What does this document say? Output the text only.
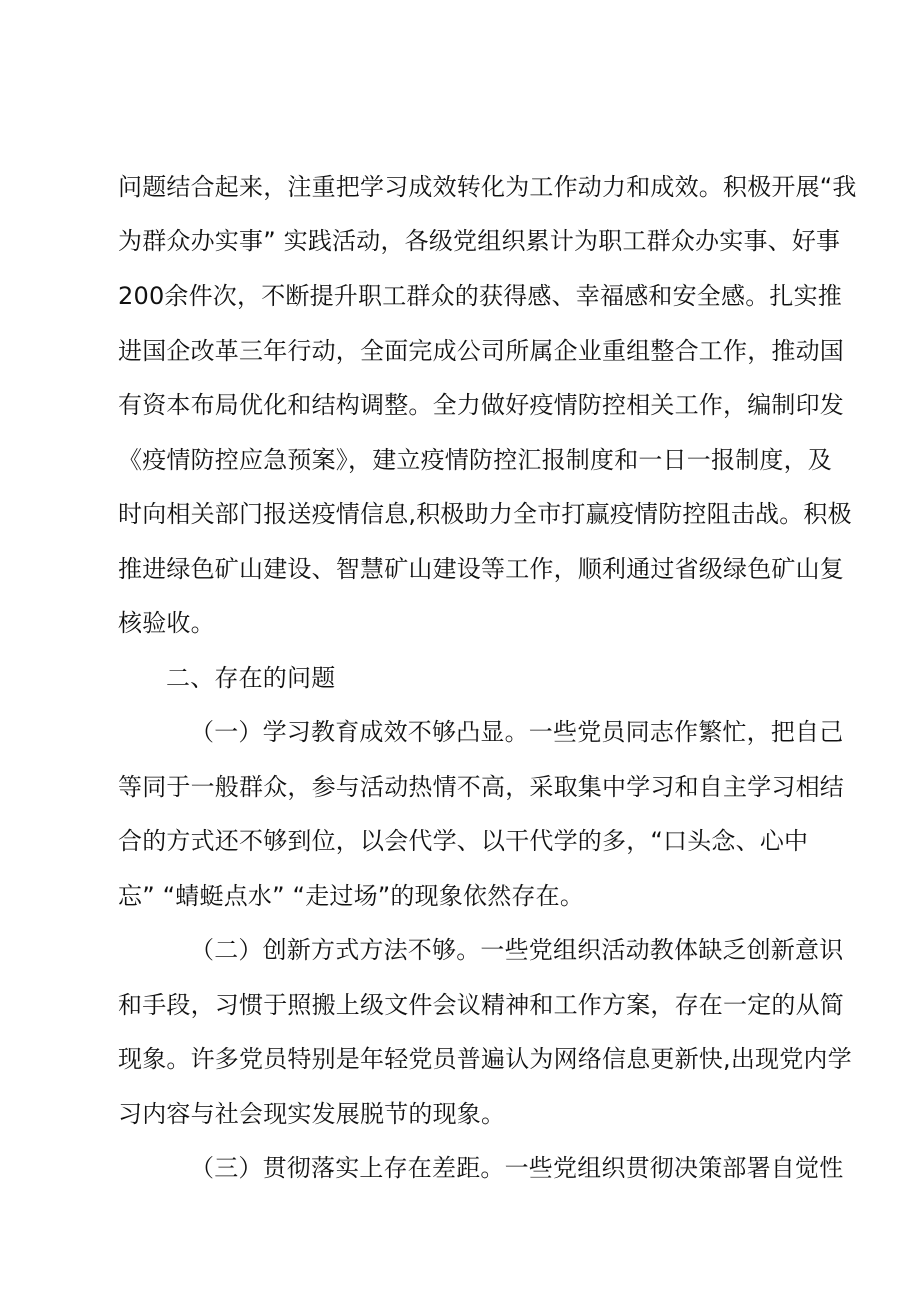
问题结合起来，注重把学习成效转化为工作动力和成效。积极开展“我
为群众办实事” 实践活动，各级党组织累计为职工群众办实事、好事
200余件次，不断提升职工群众的获得感、幸福感和安全感。扎实推
进国企改革三年行动，全面完成公司所属企业重组整合工作，推动国
有资本布局优化和结构调整。全力做好疫情防控相关工作，编制印发
《疫情防控应急预案》，建立疫情防控汇报制度和一日一报制度，及
时向相关部门报送疫情信息,积极助力全市打赢疫情防控阻击战。积极
推进绿色矿山建设、智慧矿山建设等工作，顺利通过省级绿色矿山复
核验收。
二、存在的问题
（一）学习教育成效不够凸显。一些党员同志作繁忙，把自己
等同于一般群众，参与活动热情不高，采取集中学习和自主学习相结
合的方式还不够到位，以会代学、以干代学的多，“口头念、心中
忘” “蜻蜓点水” “走过场”的现象依然存在。
（二）创新方式方法不够。一些党组织活动教体缺乏创新意识
和手段，习惯于照搬上级文件会议精神和工作方案，存在一定的从简
现象。许多党员特别是年轻党员普遍认为网络信息更新快,出现党内学
习内容与社会现实发展脱节的现象。
（三）贯彻落实上存在差距。一些党组织贯彻决策部署自觉性
